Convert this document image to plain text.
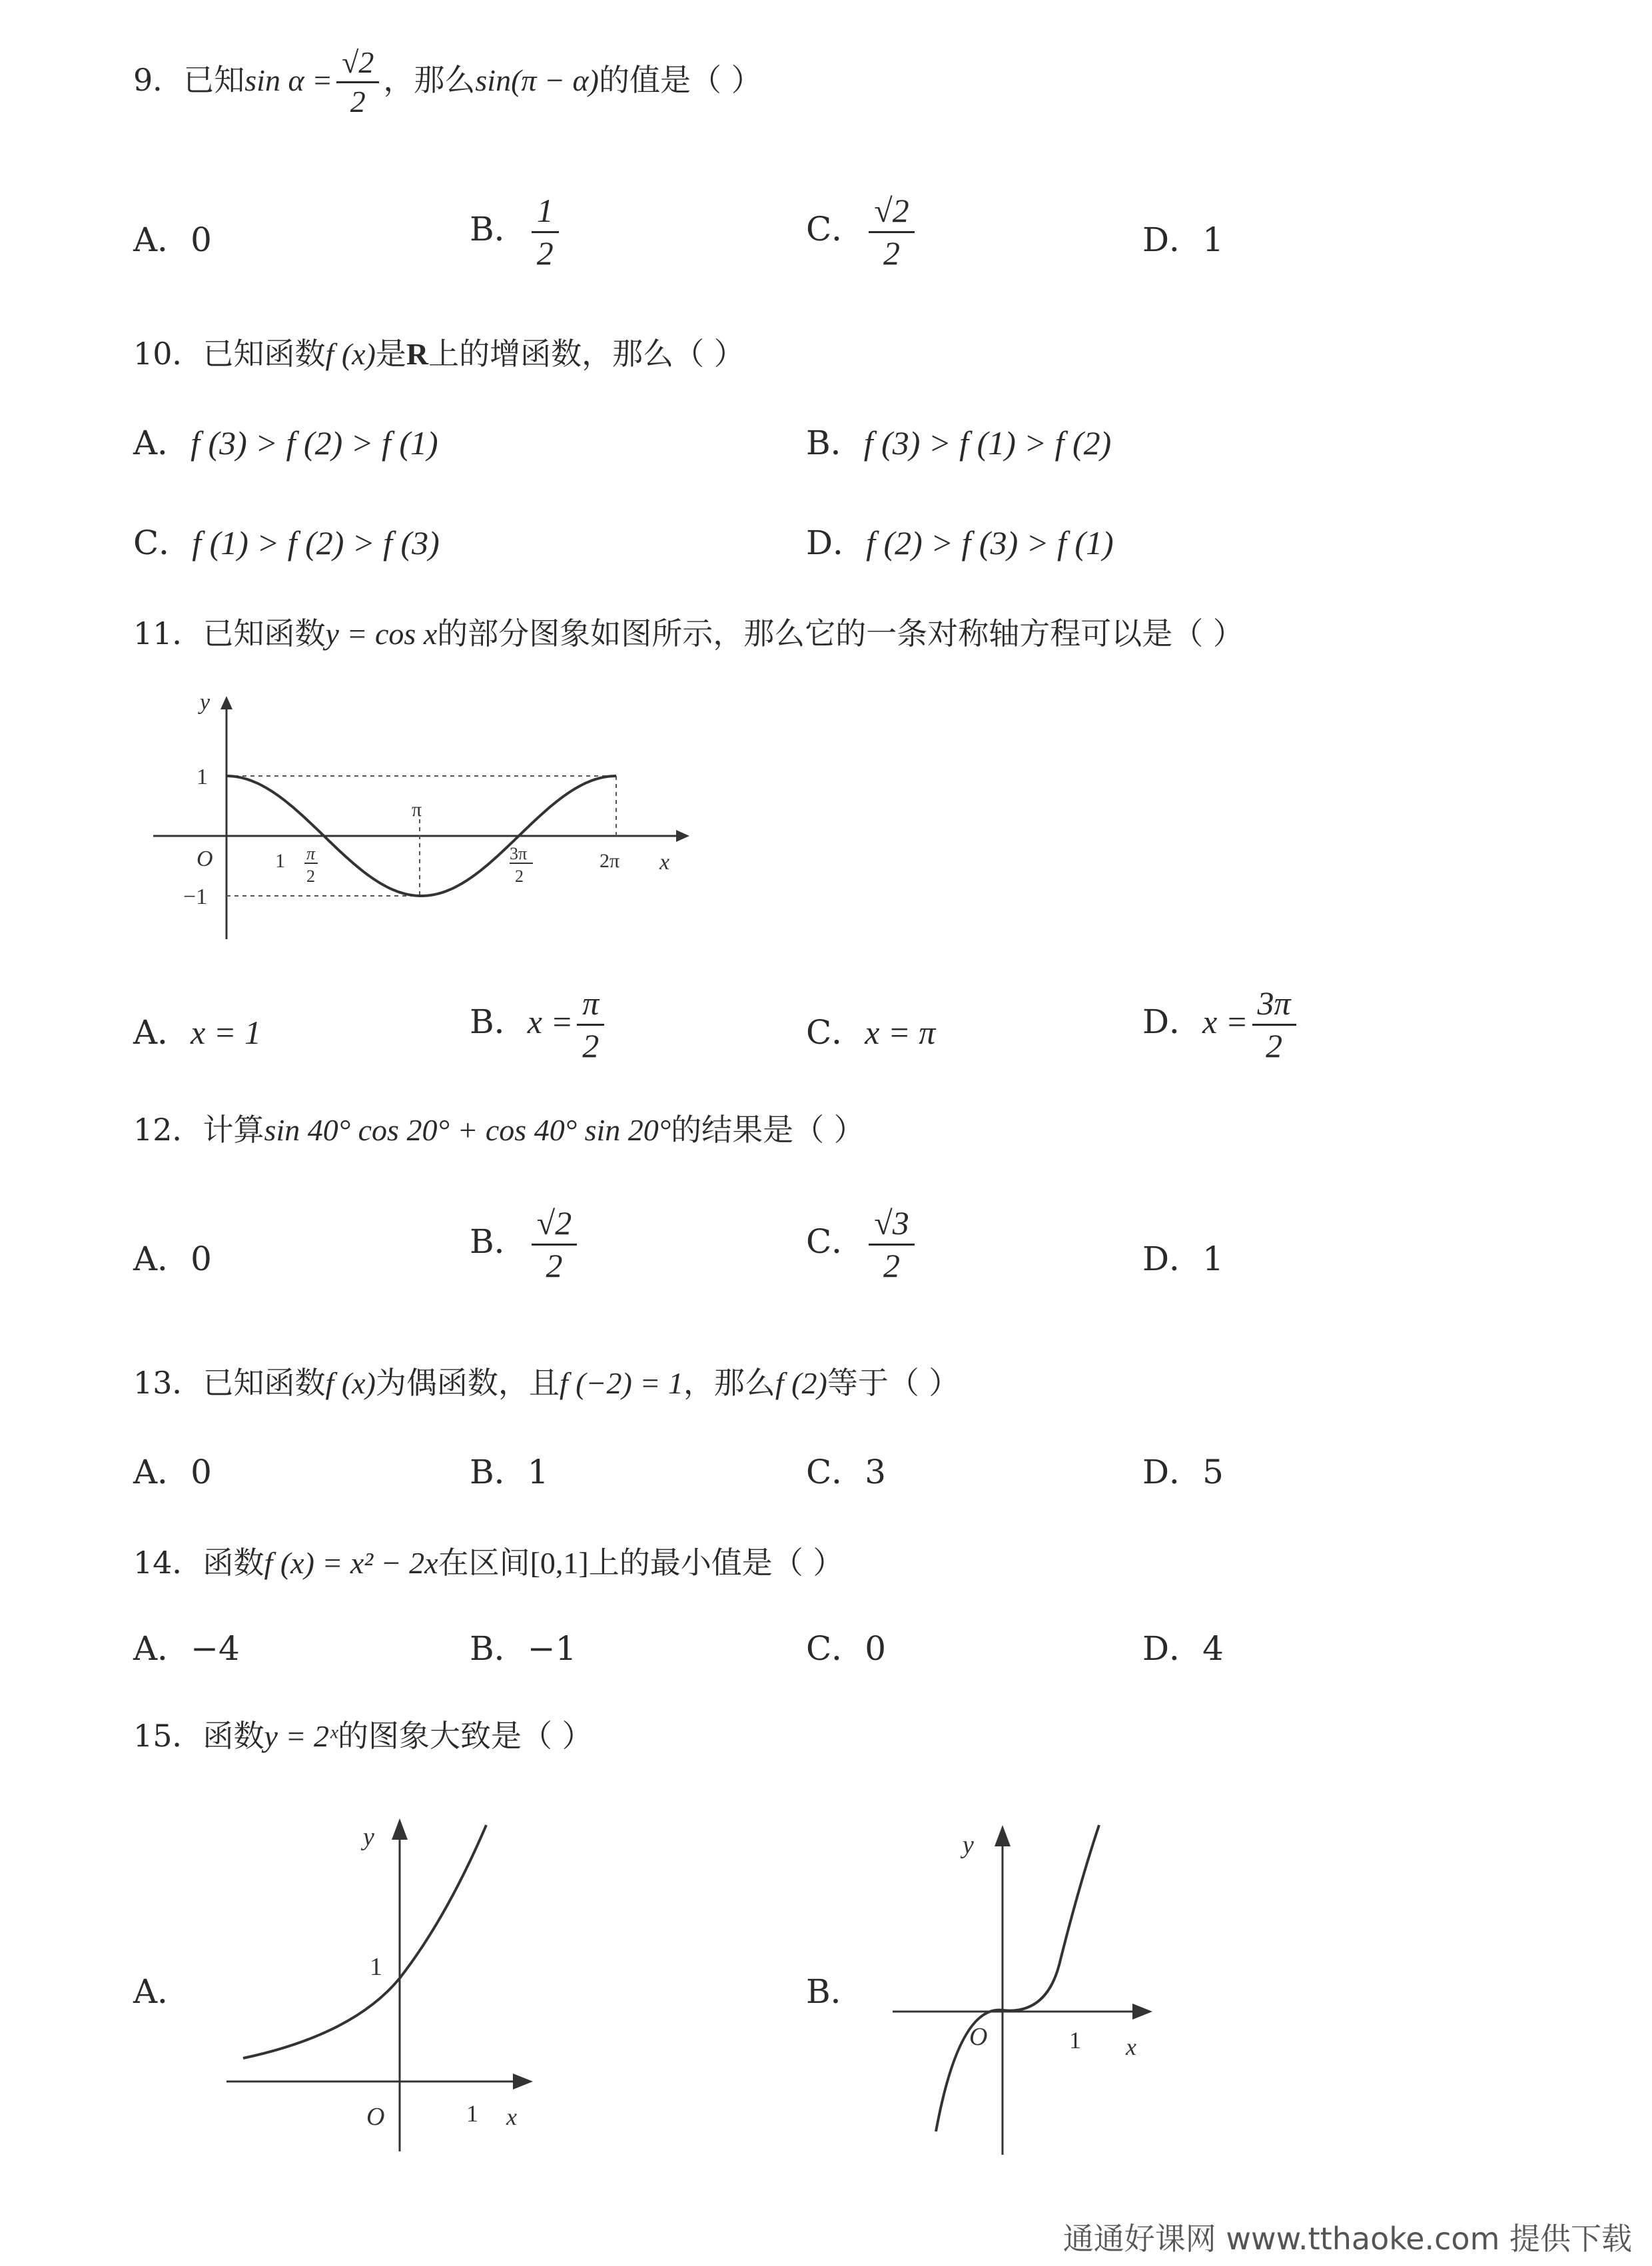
9．已知$\sin \alpha = \frac{√2}{2}$ ，那么sin(π − α)的值是（ ）
A．0	B． $\frac{1}{2}$	C． $\frac{√2}{2}$	D．1
10．已知函数f (x)是R上的增函数，那么（ ）
A．f (3) > f (2) > f (1)	B．f (3) > f (1) > f (2)
C．f (1) > f (2) > f (3)	D．f (2) > f (3) > f (1)
11．已知函数y = cos x的部分图象如图所示，那么它的一条对称轴方程可以是（ ）
y
x
O
1
−1
1 π
2
π
3π
2
2π
A．x = 1	B．$x = \frac{\pi}{2}$	C．x = π	D．$x = \frac{3\pi}{2}$
12．计算sin 40° cos 20° + cos 40° sin 20°的结果是（ ）
A．0	B． $\frac{√2}{2}$	C． $\frac{√3}{2}$	D．1
13．已知函数f (x)为偶函数，且f (−2) = 1，那么f (2)等于（ ）
A．0	B．1	C．3	D．5
14．函数f (x) = x² − 2x在区间[0,1]上的最小值是（ ）
A．−4	B．−1	C．0	D．4
15．函数y = 2ˣ的图象大致是（ ）
A．
y
x
O
1
1
B．
y
x
O	1
通通好课网 www.tthaoke.com 提供下载
